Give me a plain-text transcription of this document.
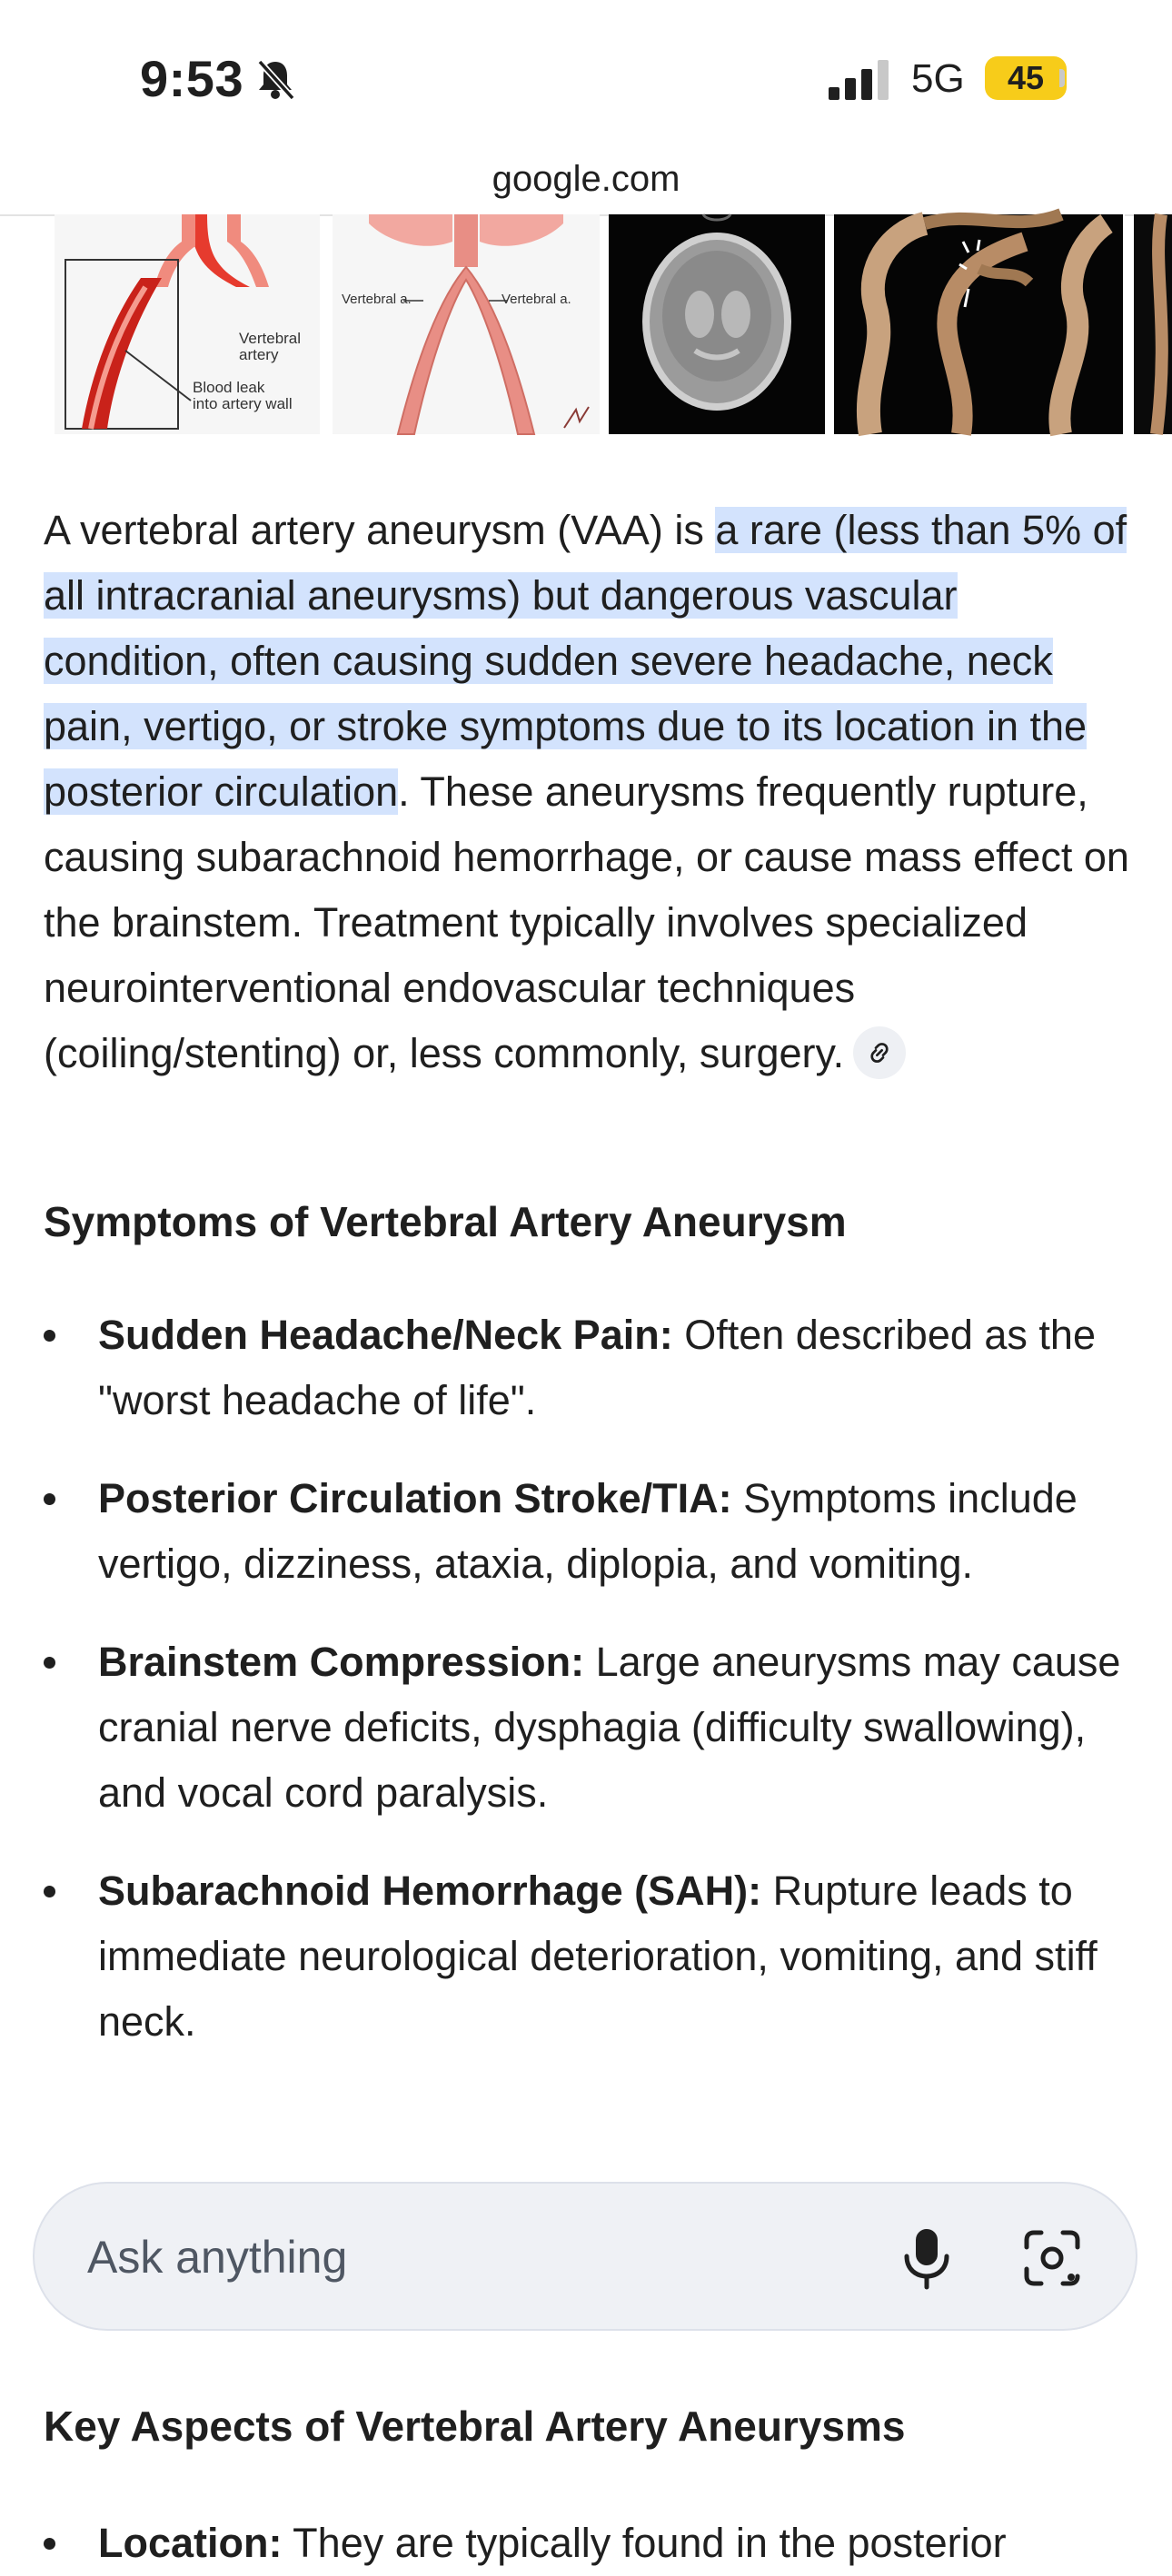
9:53	5G	45
google.com
Vertebral
artery
Blood leak
into artery wall
Vertebral a.	Vertebral a.

A vertebral artery aneurysm (VAA) is a rare (less than 5% of all intracranial aneurysms) but dangerous vascular condition, often causing sudden severe headache, neck pain, vertigo, or stroke symptoms due to its location in the posterior circulation. These aneurysms frequently rupture, causing subarachnoid hemorrhage, or cause mass effect on the brainstem. Treatment typically involves specialized neurointerventional endovascular techniques (coiling/stenting) or, less commonly, surgery.

Symptoms of Vertebral Artery Aneurysm
Sudden Headache/Neck Pain: Often described as the "worst headache of life".
Posterior Circulation Stroke/TIA: Symptoms include vertigo, dizziness, ataxia, diplopia, and vomiting.
Brainstem Compression: Large aneurysms may cause cranial nerve deficits, dysphagia (difficulty swallowing), and vocal cord paralysis.
Subarachnoid Hemorrhage (SAH): Rupture leads to immediate neurological deterioration, vomiting, and stiff neck.
Ask anything
Key Aspects of Vertebral Artery Aneurysms
Location: They are typically found in the posterior
